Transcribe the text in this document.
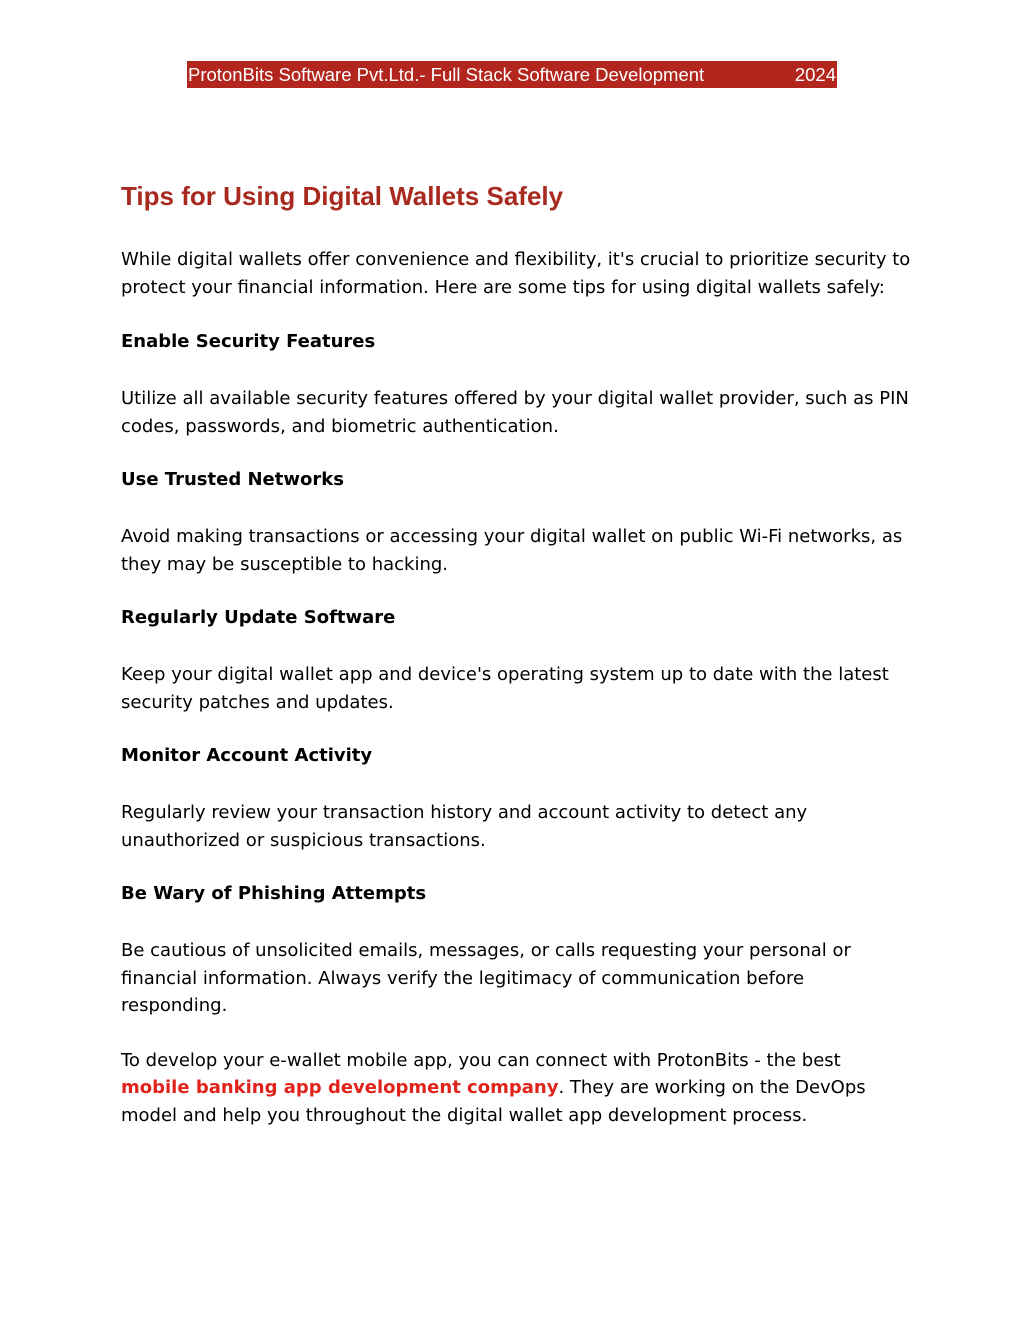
ProtonBits Software Pvt.Ltd.- Full Stack Software Development	2024
Tips for Using Digital Wallets Safely

While digital wallets offer convenience and flexibility, it's crucial to prioritize security to protect your financial information. Here are some tips for using digital wallets safely:

Enable Security Features

Utilize all available security features offered by your digital wallet provider, such as PIN codes, passwords, and biometric authentication.

Use Trusted Networks

Avoid making transactions or accessing your digital wallet on public Wi-Fi networks, as they may be susceptible to hacking.

Regularly Update Software

Keep your digital wallet app and device's operating system up to date with the latest security patches and updates.

Monitor Account Activity

Regularly review your transaction history and account activity to detect any unauthorized or suspicious transactions.

Be Wary of Phishing Attempts

Be cautious of unsolicited emails, messages, or calls requesting your personal or financial information. Always verify the legitimacy of communication before responding.

To develop your e-wallet mobile app, you can connect with ProtonBits - the best mobile banking app development company. They are working on the DevOps model and help you throughout the digital wallet app development process.
